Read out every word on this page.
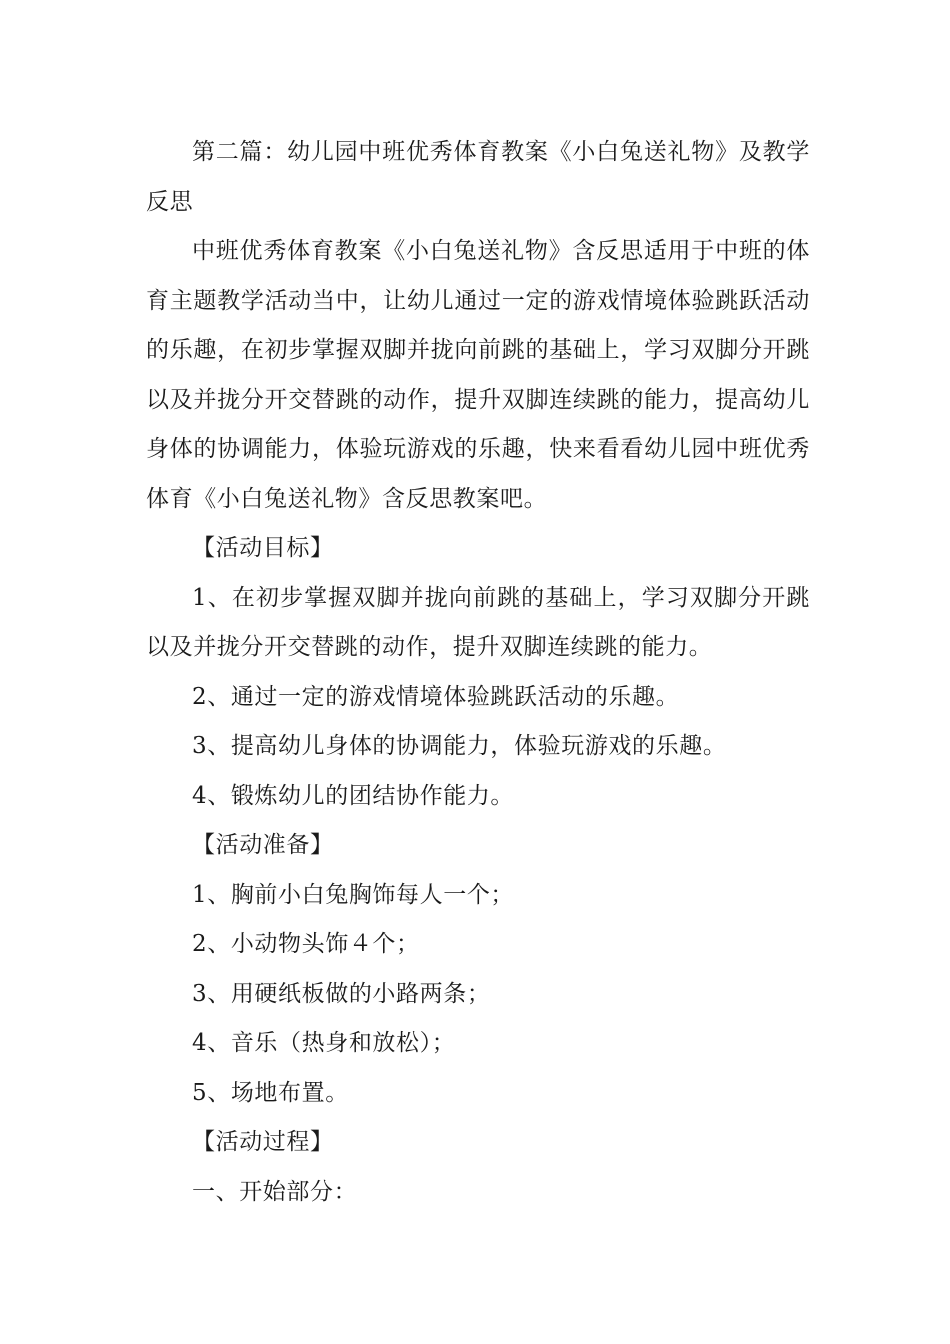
第二篇：幼儿园中班优秀体育教案《小白兔送礼物》及教学反思

中班优秀体育教案《小白兔送礼物》含反思适用于中班的体育主题教学活动当中，让幼儿通过一定的游戏情境体验跳跃活动的乐趣，在初步掌握双脚并拢向前跳的基础上，学习双脚分开跳以及并拢分开交替跳的动作，提升双脚连续跳的能力，提高幼儿身体的协调能力，体验玩游戏的乐趣，快来看看幼儿园中班优秀体育《小白兔送礼物》含反思教案吧。

【活动目标】

1、在初步掌握双脚并拢向前跳的基础上，学习双脚分开跳以及并拢分开交替跳的动作，提升双脚连续跳的能力。

2、通过一定的游戏情境体验跳跃活动的乐趣。

3、提高幼儿身体的协调能力，体验玩游戏的乐趣。

4、锻炼幼儿的团结协作能力。

【活动准备】

1、胸前小白兔胸饰每人一个；

2、小动物头饰４个；

3、用硬纸板做的小路两条；

4、音乐（热身和放松）；

5、场地布置。

【活动过程】

一、开始部分：
